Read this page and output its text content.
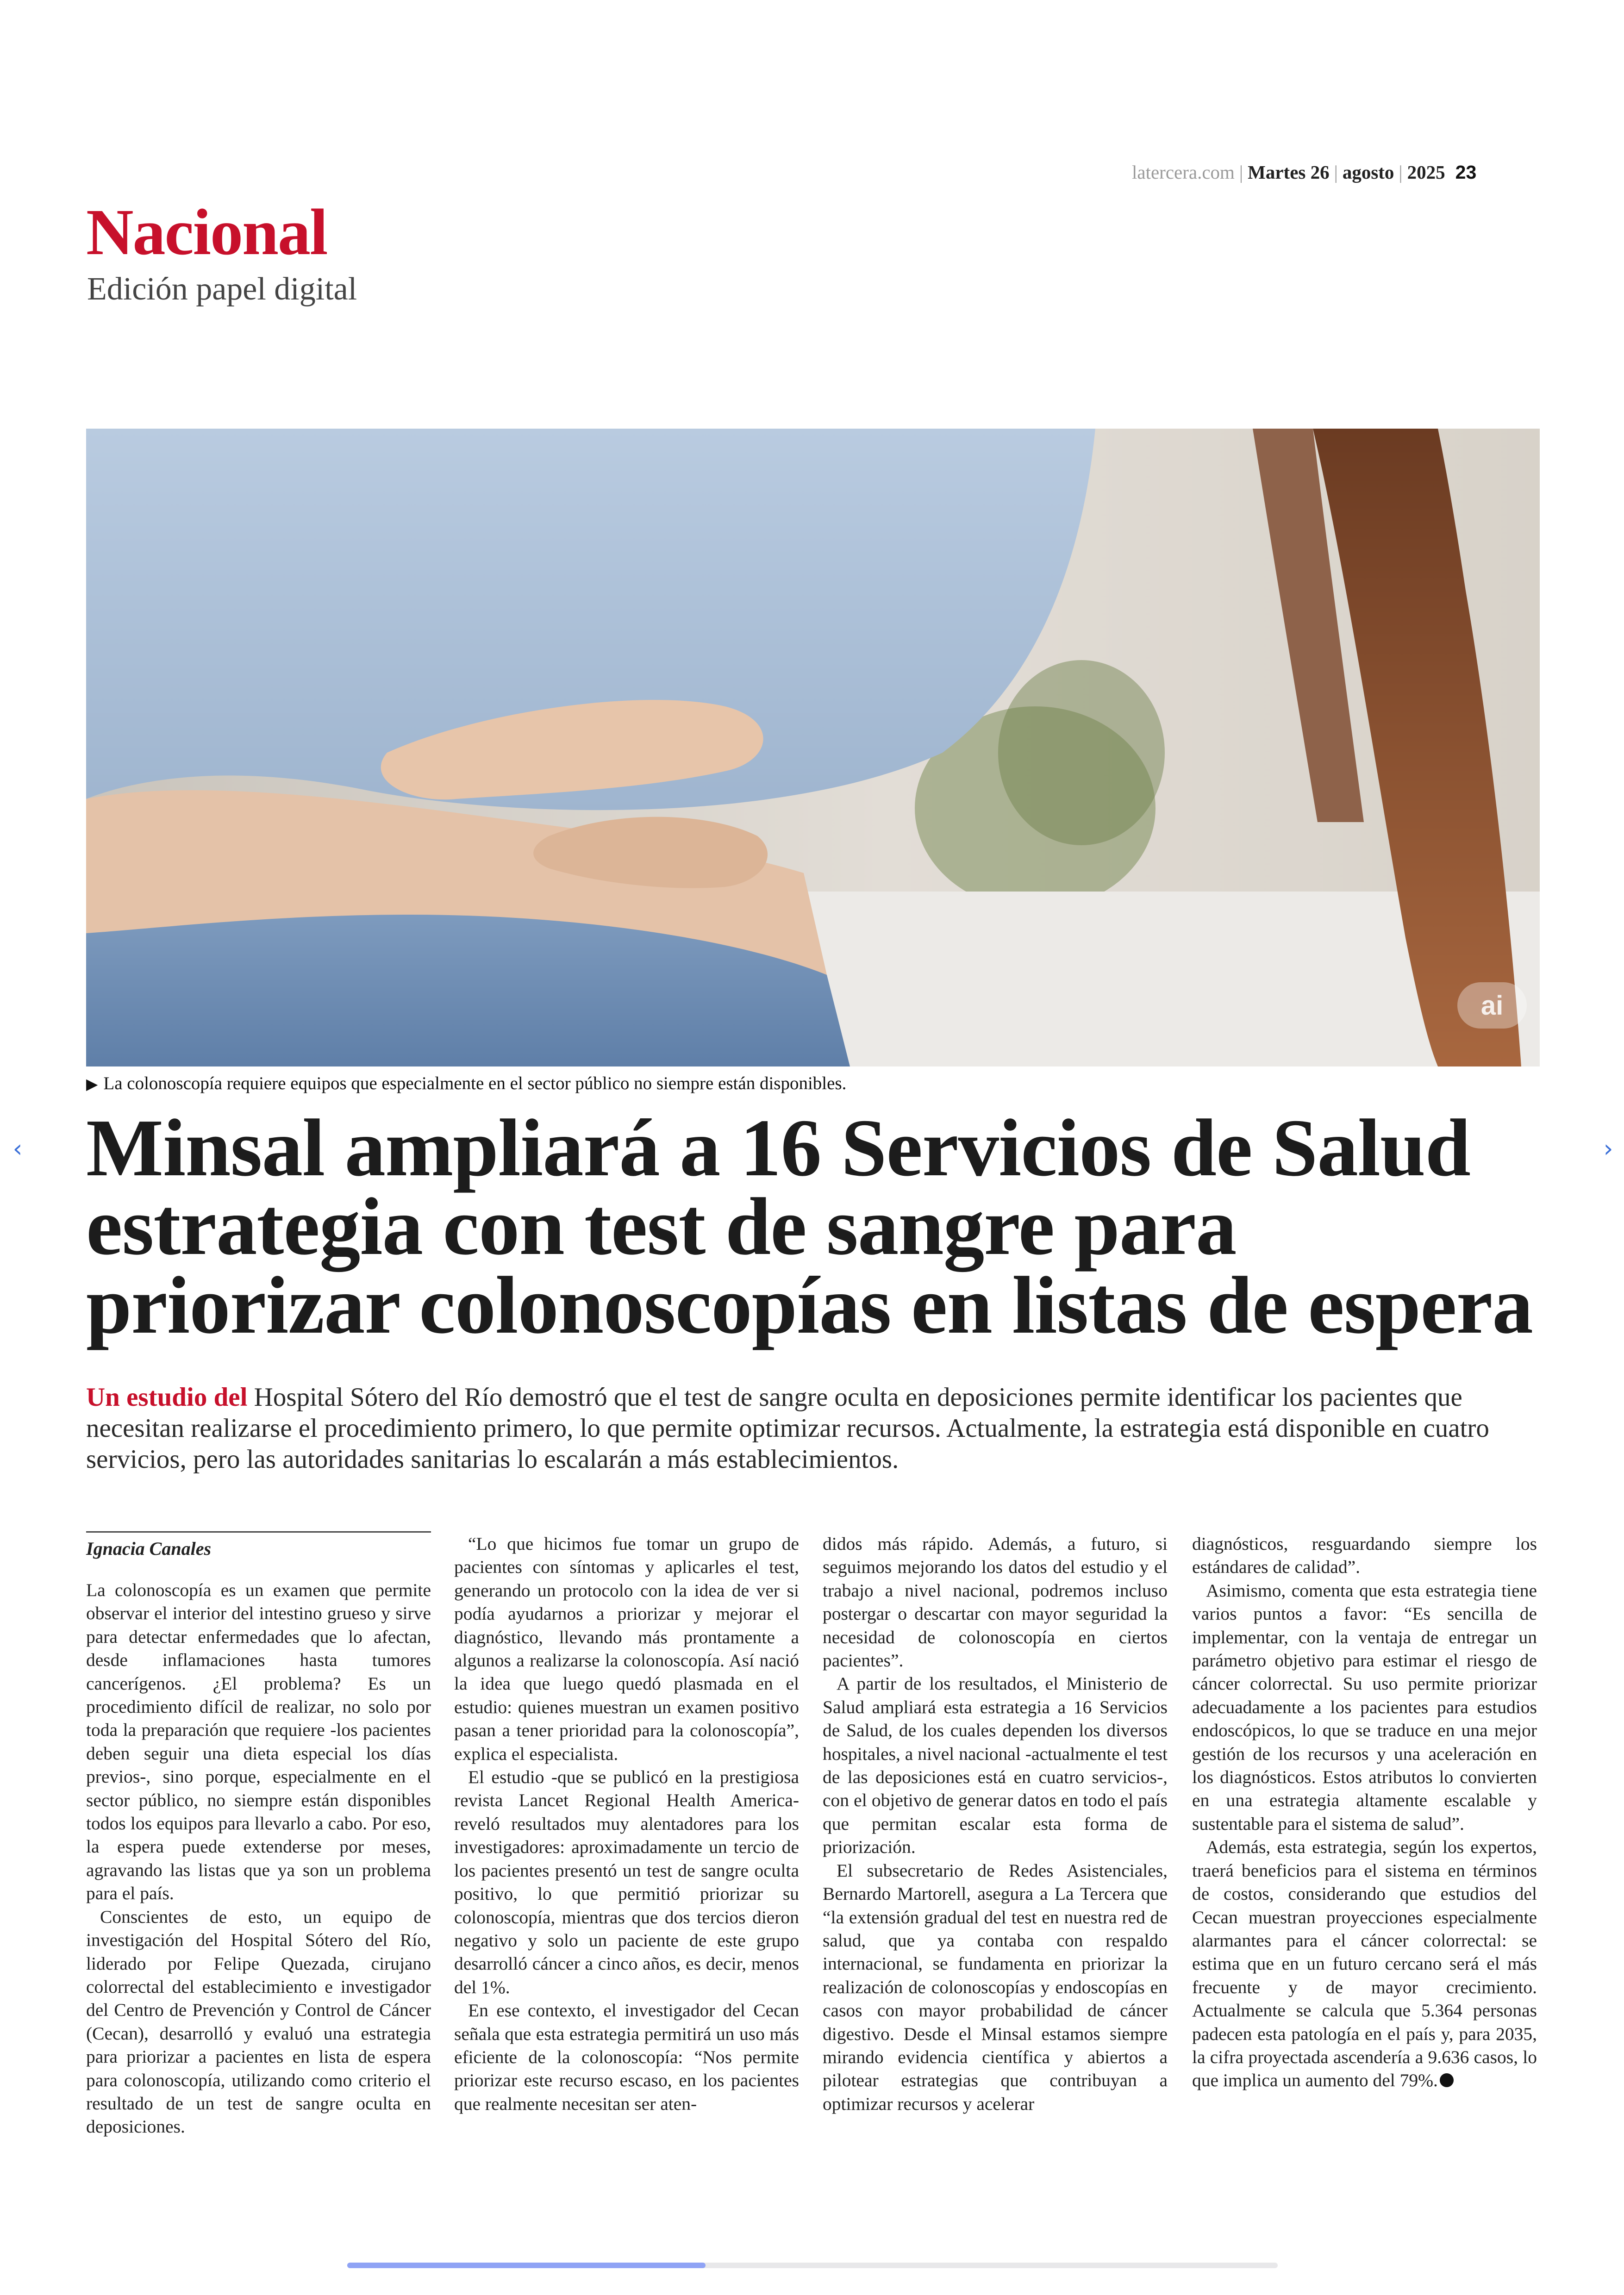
latercera.com | Martes 26 | agosto | 2025 23
Nacional
Edición papel digital
ai
▶ La colonoscopía requiere equipos que especialmente en el sector público no siempre están disponibles.
‹	›
Minsal ampliará a 16 Servicios de Salud
estrategia con test de sangre para
priorizar colonoscopías en listas de espera
Un estudio del Hospital Sótero del Río demostró que el test de sangre oculta en deposiciones permite identificar los pacientes que necesitan realizarse el procedimiento primero, lo que permite optimizar recursos. Actualmente, la estrategia está disponible en cuatro servicios, pero las autoridades sanitarias lo escalarán a más establecimientos.
Ignacia Canales

La colonoscopía es un examen que permite observar el interior del intestino grueso y sirve para detectar enfermedades que lo afectan, desde inflamaciones hasta tumores cancerígenos. ¿El problema? Es un procedimiento difícil de realizar, no solo por toda la preparación que requiere -los pacientes deben seguir una dieta especial los días previos-, sino porque, especialmente en el sector público, no siempre están disponibles todos los equipos para llevarlo a cabo. Por eso, la espera puede extenderse por meses, agravando las listas que ya son un problema para el país.

Conscientes de esto, un equipo de investigación del Hospital Sótero del Río, liderado por Felipe Quezada, cirujano colorrectal del establecimiento e investigador del Centro de Prevención y Control de Cáncer (Cecan), desarrolló y evaluó una estrategia para priorizar a pacientes en lista de espera para colonoscopía, utilizando como criterio el resultado de un test de sangre oculta en deposiciones.

“Lo que hicimos fue tomar un grupo de pacientes con síntomas y aplicarles el test, generando un protocolo con la idea de ver si podía ayudarnos a priorizar y mejorar el diagnóstico, llevando más prontamente a algunos a realizarse la colonoscopía. Así nació la idea que luego quedó plasmada en el estudio: quienes muestran un examen positivo pasan a tener prioridad para la colonoscopía”, explica el especialista.

El estudio -que se publicó en la prestigiosa revista Lancet Regional Health America- reveló resultados muy alentadores para los investigadores: aproximadamente un tercio de los pacientes presentó un test de sangre oculta positivo, lo que permitió priorizar su colonoscopía, mientras que dos tercios dieron negativo y solo un paciente de este grupo desarrolló cáncer a cinco años, es decir, menos del 1%.

En ese contexto, el investigador del Cecan señala que esta estrategia permitirá un uso más eficiente de la colonoscopía: “Nos permite priorizar este recurso escaso, en los pacientes que realmente necesitan ser aten-

didos más rápido. Además, a futuro, si seguimos mejorando los datos del estudio y el trabajo a nivel nacional, podremos incluso postergar o descartar con mayor seguridad la necesidad de colonoscopía en ciertos pacientes”.

A partir de los resultados, el Ministerio de Salud ampliará esta estrategia a 16 Servicios de Salud, de los cuales dependen los diversos hospitales, a nivel nacional -actualmente el test de las deposiciones está en cuatro servicios-, con el objetivo de generar datos en todo el país que permitan escalar esta forma de priorización.

El subsecretario de Redes Asistenciales, Bernardo Martorell, asegura a La Tercera que “la extensión gradual del test en nuestra red de salud, que ya contaba con respaldo internacional, se fundamenta en priorizar la realización de colonoscopías y endoscopías en casos con mayor probabilidad de cáncer digestivo. Desde el Minsal estamos siempre mirando evidencia científica y abiertos a pilotear estrategias que contribuyan a optimizar recursos y acelerar

diagnósticos, resguardando siempre los estándares de calidad”.

Asimismo, comenta que esta estrategia tiene varios puntos a favor: “Es sencilla de implementar, con la ventaja de entregar un parámetro objetivo para estimar el riesgo de cáncer colorrectal. Su uso permite priorizar adecuadamente a los pacientes para estudios endoscópicos, lo que se traduce en una mejor gestión de los recursos y una aceleración en los diagnósticos. Estos atributos lo convierten en una estrategia altamente escalable y sustentable para el sistema de salud”.

Además, esta estrategia, según los expertos, traerá beneficios para el sistema en términos de costos, considerando que estudios del Cecan muestran proyecciones especialmente alarmantes para el cáncer colorrectal: se estima que en un futuro cercano será el más frecuente y de mayor crecimiento. Actualmente se calcula que 5.364 personas padecen esta patología en el país y, para 2035, la cifra proyectada ascendería a 9.636 casos, lo que implica un aumento del 79%.
